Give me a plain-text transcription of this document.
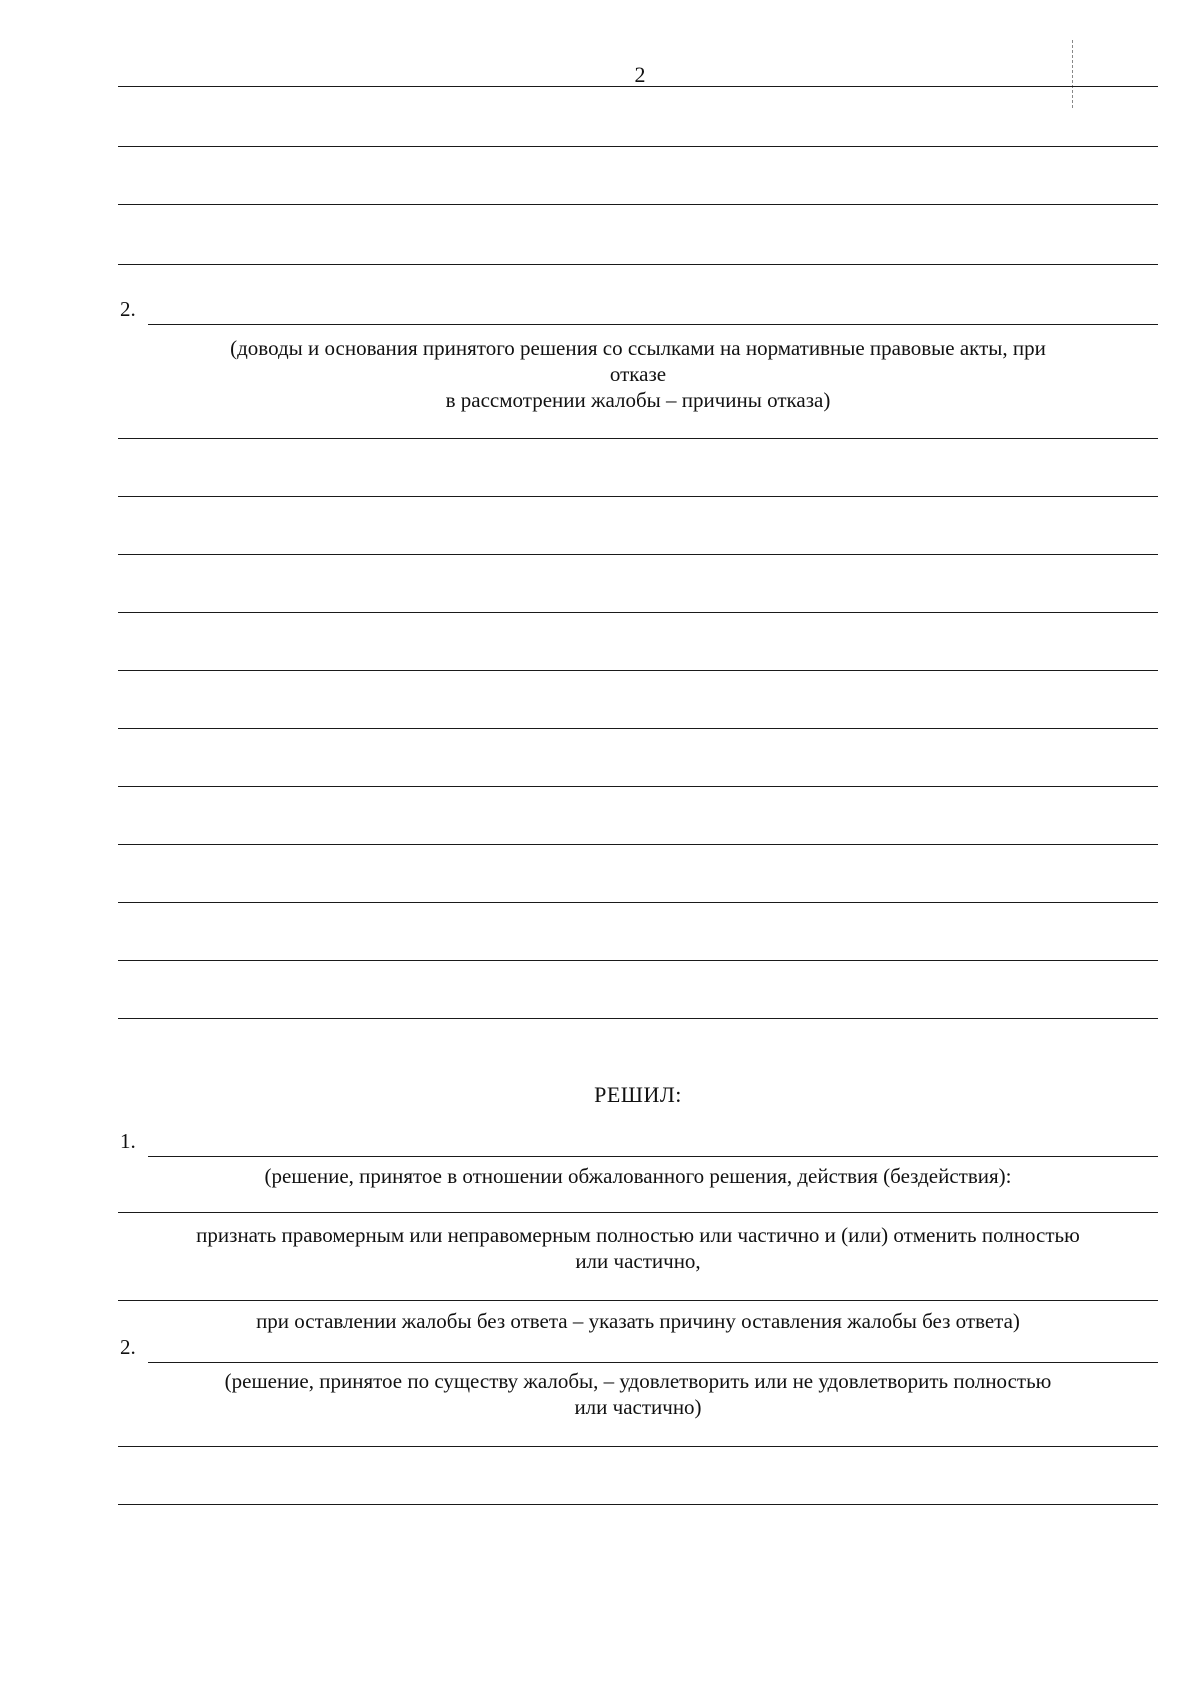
2
2.
(доводы и основания принятого решения со ссылками на нормативные правовые акты, при
отказе
в рассмотрении жалобы – причины отказа)
РЕШИЛ:
1.
(решение, принятое в отношении обжалованного решения, действия (бездействия):
признать правомерным или неправомерным полностью или частично и (или) отменить полностью
или частично,
при оставлении жалобы без ответа – указать причину оставления жалобы без ответа)
2.
(решение, принятое по существу жалобы, – удовлетворить или не удовлетворить полностью
или частично)
